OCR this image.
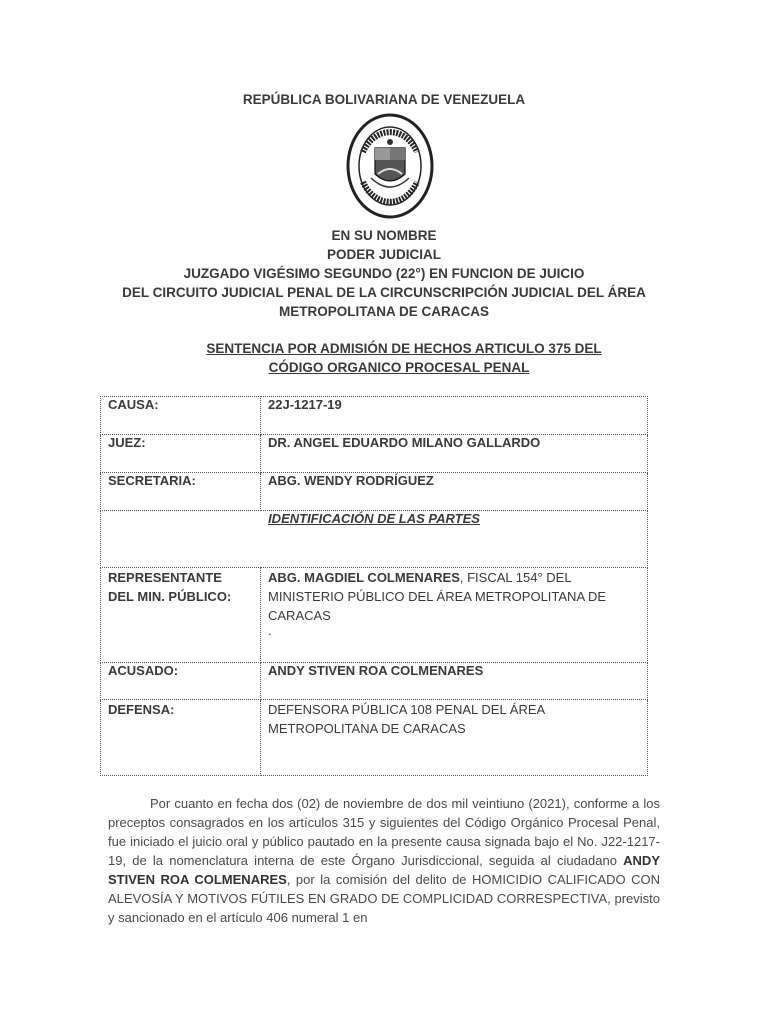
REPÚBLICA BOLIVARIANA DE VENEZUELA
EN SU NOMBRE
PODER JUDICIAL
JUZGADO VIGÉSIMO SEGUNDO (22°) EN FUNCION DE JUICIO
DEL CIRCUITO JUDICIAL PENAL DE LA CIRCUNSCRIPCIÓN JUDICIAL DEL ÁREA
METROPOLITANA DE CARACAS
SENTENCIA POR ADMISIÓN DE HECHOS ARTICULO 375 DEL
CÓDIGO ORGANICO PROCESAL PENAL
CAUSA:	22J-1217-19
JUEZ:	DR. ANGEL EDUARDO MILANO GALLARDO
SECRETARIA:	ABG. WENDY RODRÍGUEZ
IDENTIFICACIÓN DE LAS PARTES	
REPRESENTANTE
DEL MIN. PÚBLICO:	ABG. MAGDIEL COLMENARES, FISCAL 154° DEL MINISTERIO PÚBLICO DEL ÁREA METROPOLITANA DE CARACAS
.

ACUSADO:	ANDY STIVEN ROA COLMENARES
DEFENSA:	DEFENSORA PÚBLICA 108 PENAL DEL ÁREA METROPOLITANA DE CARACAS
Por cuanto en fecha dos (02) de noviembre de dos mil veintiuno (2021), conforme a los preceptos consagrados en los artículos 315 y siguientes del Código Orgánico Procesal Penal, fue iniciado el juicio oral y público pautado en la presente causa signada bajo el No. J22-1217-19, de la nomenclatura interna de este Órgano Jurisdiccional, seguida al ciudadano ANDY STIVEN ROA COLMENARES, por la comisión del delito de HOMICIDIO CALIFICADO CON ALEVOSÍA Y MOTIVOS FÚTILES EN GRADO DE COMPLICIDAD CORRESPECTIVA, previsto y sancionado en el artículo 406 numeral 1 en
